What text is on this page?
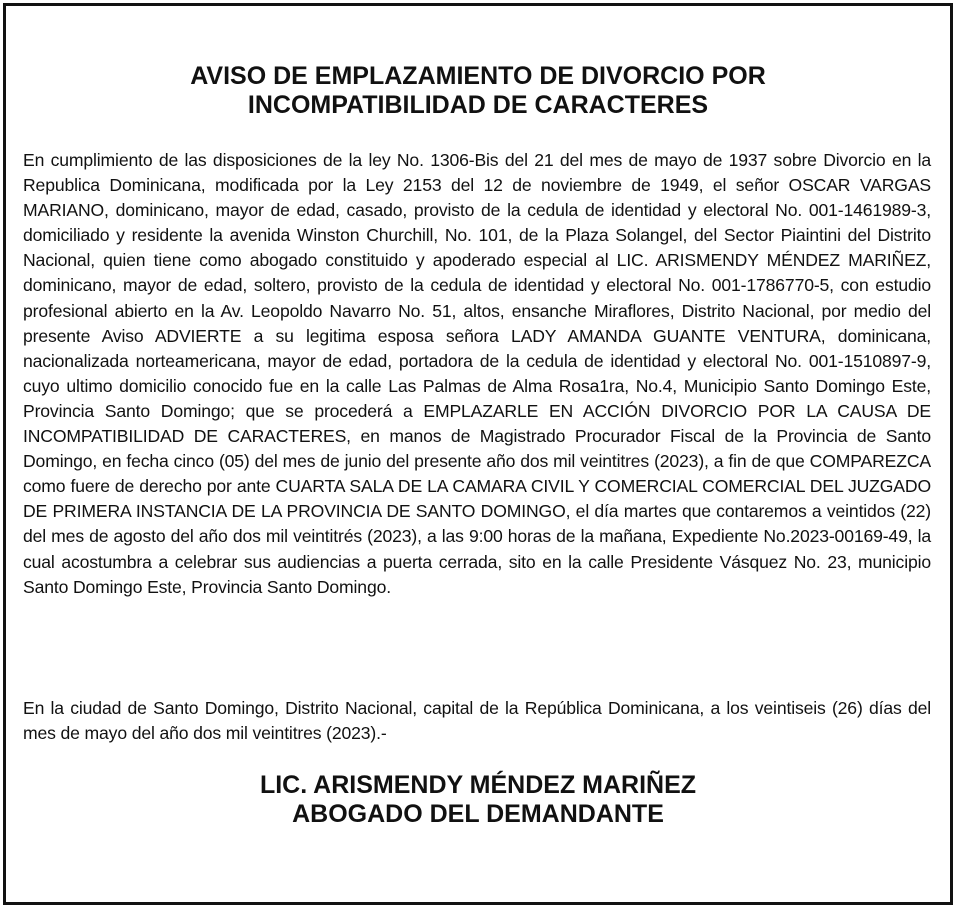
AVISO DE EMPLAZAMIENTO DE DIVORCIO POR
INCOMPATIBILIDAD DE CARACTERES

En cumplimiento de las disposiciones de la ley No. 1306-Bis del 21 del mes de mayo de 1937 sobre Divorcio en la Republica Dominicana, modificada por la Ley 2153 del 12 de noviembre de 1949, el señor OSCAR VARGAS MARIANO, dominicano, mayor de edad, casado, provisto de la cedula de identidad y electoral No. 001-1461989-3, domiciliado y residente la avenida Winston Churchill, No. 101, de la Plaza Solangel, del Sector Piaintini del Distrito Nacional, quien tiene como abogado constituido y apoderado especial al LIC. ARISMENDY MÉNDEZ MARIÑEZ, dominicano, mayor de edad, soltero, provisto de la cedula de identidad y electoral No. 001-1786770-5, con estudio profesional abierto en la Av. Leopoldo Navarro No. 51, altos, ensanche Miraflores, Distrito Nacional, por medio del presente Aviso ADVIERTE a su legitima esposa señora LADY AMANDA GUANTE VENTURA, dominicana, nacionalizada norteamericana, mayor de edad, portadora de la cedula de identidad y electoral No. 001-1510897-9, cuyo ultimo domicilio conocido fue en la calle Las Palmas de Alma Rosa1ra, No.4, Municipio Santo Domingo Este, Provincia Santo Domingo; que se procederá a EMPLAZARLE EN ACCIÓN DIVORCIO POR LA CAUSA DE INCOMPATIBILIDAD DE CARACTERES, en manos de Magistrado Procurador Fiscal de la Provincia de Santo Domingo, en fecha cinco (05) del mes de junio del presente año dos mil veintitres (2023), a fin de que COMPAREZCA como fuere de derecho por ante CUARTA SALA DE LA CAMARA CIVIL Y COMERCIAL COMERCIAL DEL JUZGADO DE PRIMERA INSTANCIA DE LA PROVINCIA DE SANTO DOMINGO, el día martes que contaremos a veintidos (22) del mes de agosto del año dos mil veintitrés (2023), a las 9:00 horas de la mañana, Expediente No.2023-00169-49, la cual acostumbra a celebrar sus audiencias a puerta cerrada, sito en la calle Presidente Vásquez No. 23, municipio Santo Domingo Este, Provincia Santo Domingo.

En la ciudad de Santo Domingo, Distrito Nacional, capital de la República Dominicana, a los veintiseis (26) días del mes de mayo del año dos mil veintitres (2023).-

LIC. ARISMENDY MÉNDEZ MARIÑEZ
ABOGADO DEL DEMANDANTE
